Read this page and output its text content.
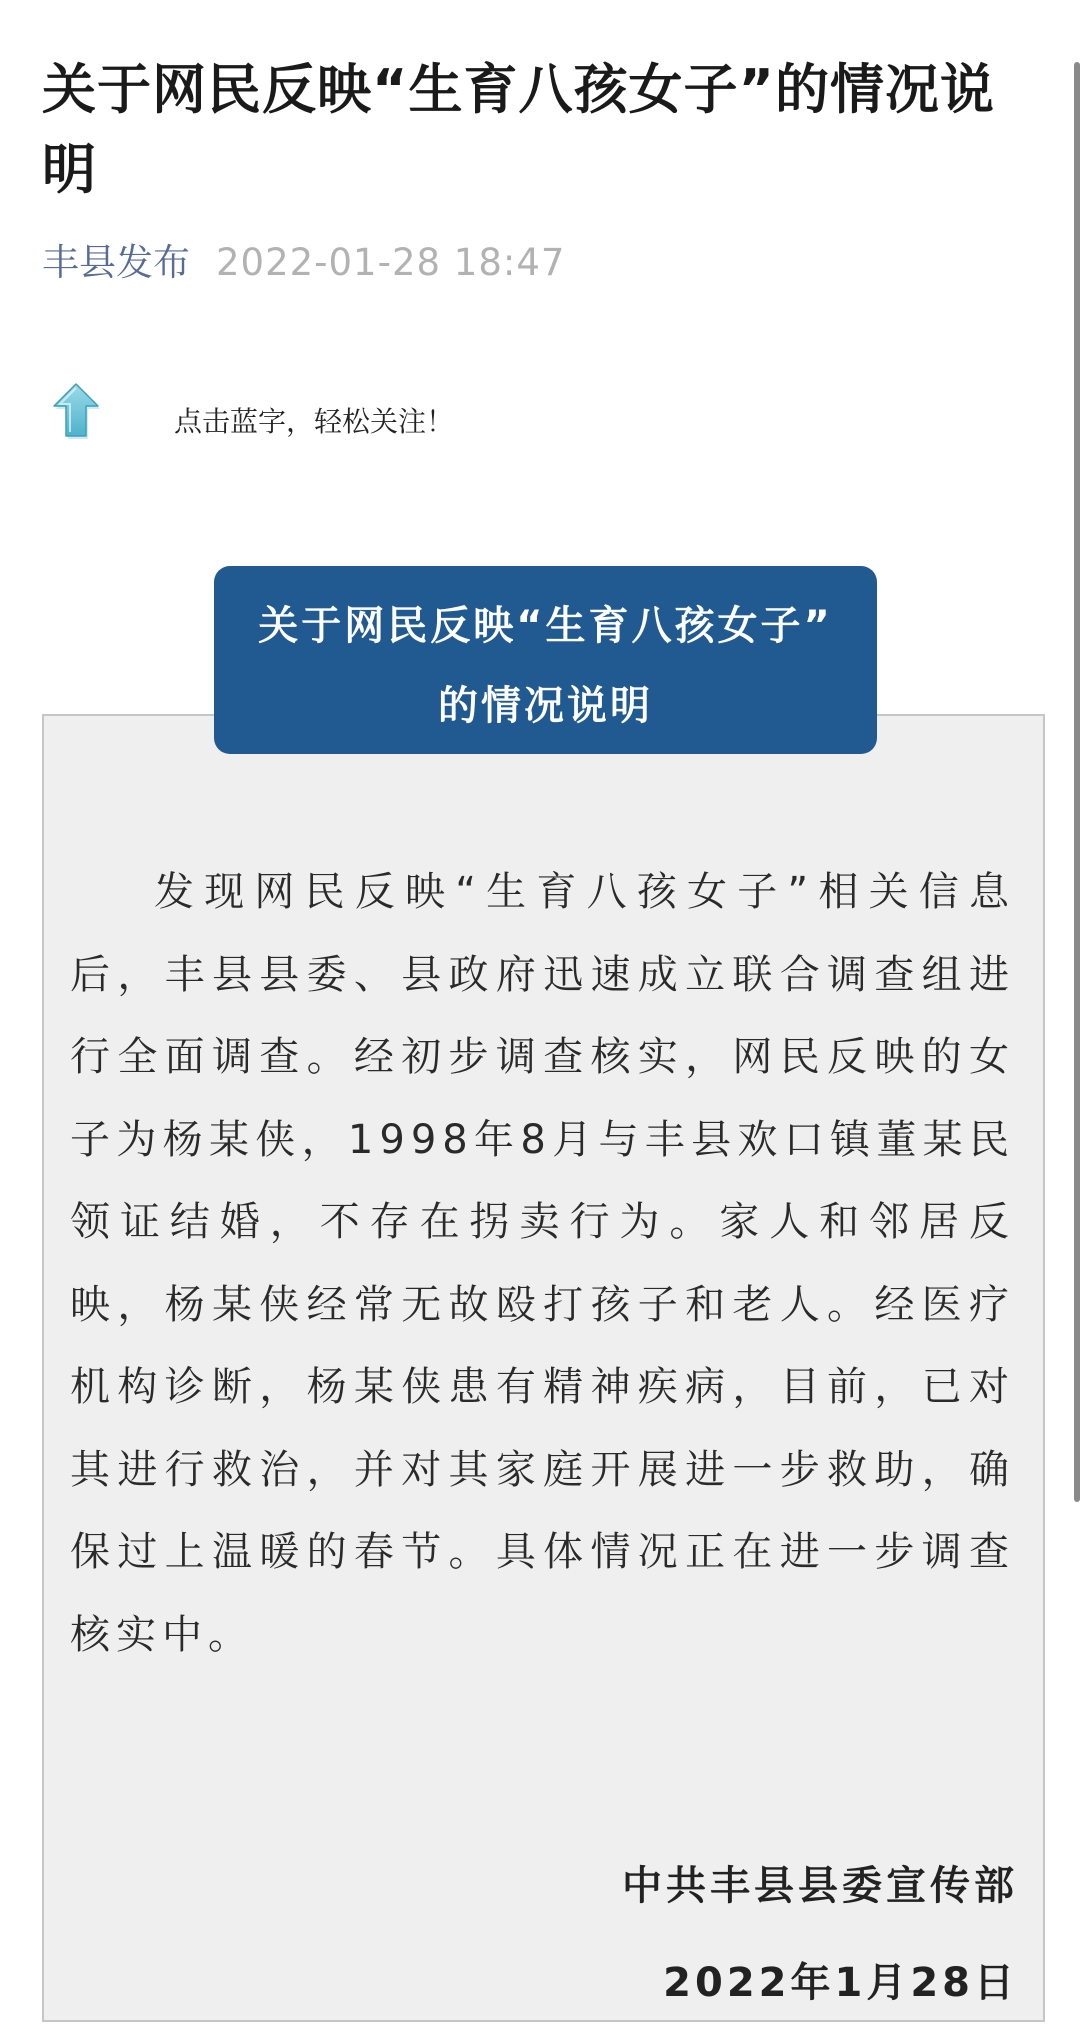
关于网民反映“生育八孩女子”的情况说明
丰县发布 2022-01-28 18:47
点击蓝字，轻松关注！
关于网民反映“生育八孩女子”
的情况说明

发现网民反映“生育八孩女子”相关信息后，丰县县委、县政府迅速成立联合调查组进行全面调查。经初步调查核实，网民反映的女子为杨某侠，1998年8月与丰县欢口镇董某民领证结婚，不存在拐卖行为。家人和邻居反映，杨某侠经常无故殴打孩子和老人。经医疗机构诊断，杨某侠患有精神疾病，目前，已对其进行救治，并对其家庭开展进一步救助，确保过上温暖的春节。具体情况正在进一步调查核实中。

中共丰县县委宣传部
2022年1月28日
